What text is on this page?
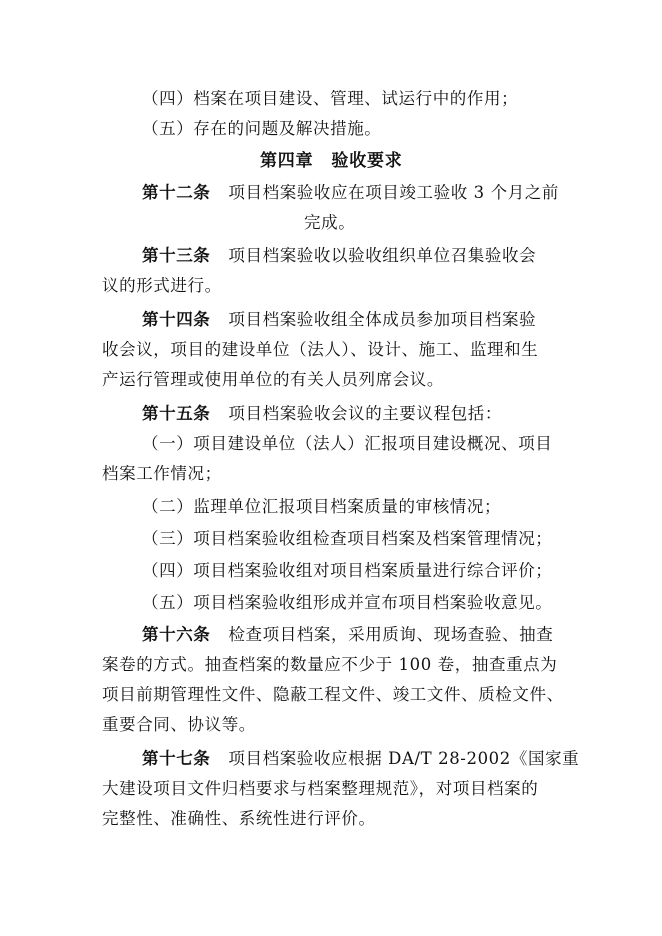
（四）档案在项目建设、管理、试运行中的作用；
（五）存在的问题及解决措施。
第四章 验收要求
第十二条 项目档案验收应在项目竣工验收 3 个月之前
完成。
第十三条 项目档案验收以验收组织单位召集验收会
议的形式进行。
第十四条 项目档案验收组全体成员参加项目档案验
收会议，项目的建设单位（法人）、设计、施工、监理和生
产运行管理或使用单位的有关人员列席会议。
第十五条 项目档案验收会议的主要议程包括：
（一）项目建设单位（法人）汇报项目建设概况、项目
档案工作情况；
（二）监理单位汇报项目档案质量的审核情况；
（三）项目档案验收组检查项目档案及档案管理情况；
（四）项目档案验收组对项目档案质量进行综合评价；
（五）项目档案验收组形成并宣布项目档案验收意见。
第十六条 检查项目档案，采用质询、现场查验、抽查
案卷的方式。抽查档案的数量应不少于 100 卷，抽查重点为
项目前期管理性文件、隐蔽工程文件、竣工文件、质检文件、
重要合同、协议等。
第十七条 项目档案验收应根据 DA/T 28-2002《国家重
大建设项目文件归档要求与档案整理规范》，对项目档案的
完整性、准确性、系统性进行评价。
